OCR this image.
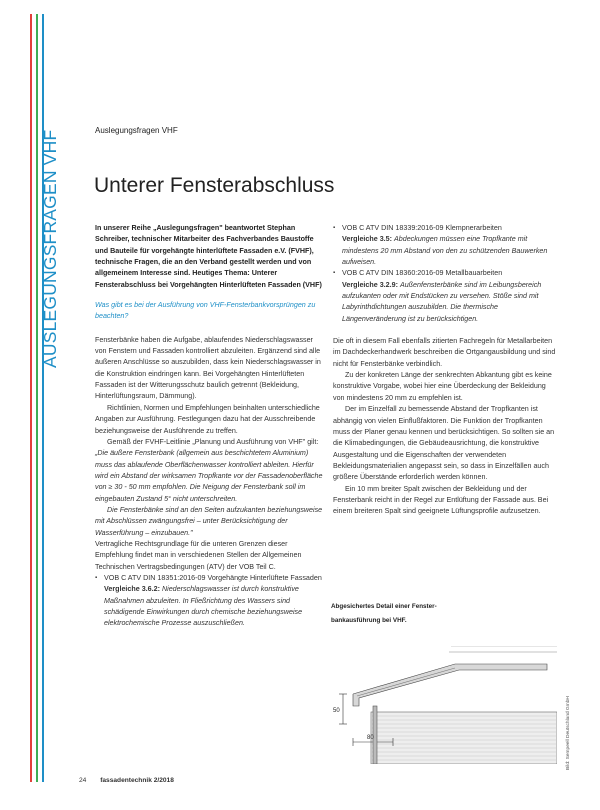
AUSLEGUNGSFRAGEN VHF	Auslegungsfragen VHF
Unterer Fensterabschluss

In unserer Reihe „Auslegungsfragen" beantwortet Stephan Schreiber, technischer Mitarbeiter des Fachverbandes Baustoffe und Bauteile für vorgehängte hinterlüftete Fassaden e.V. (FVHF), technische Fragen, die an den Verband gestellt werden und von allgemeinem Interesse sind. Heutiges Thema: Unterer Fensterabschluss bei Vorgehängten Hinterlüfteten Fassaden (VHF)

Was gibt es bei der Ausführung von VHF-Fensterbankvorsprüngen zu beachten?

Fensterbänke haben die Aufgabe, ablaufendes Niederschlagswasser von Fenstern und Fassaden kontrolliert abzuleiten. Ergänzend sind alle äußeren Anschlüsse so auszubilden, dass kein Niederschlagswasser in die Konstruktion eindringen kann. Bei Vorgehängten Hinterlüfteten Fassaden ist der Witterungsschutz baulich getrennt (Bekleidung, Hinterlüftungsraum, Dämmung).

Richtlinien, Normen und Empfehlungen beinhalten unterschiedliche Angaben zur Ausführung. Festlegungen dazu hat der Ausschreibende beziehungsweise der Ausführende zu treffen.

Gemäß der FVHF-Leitlinie „Planung und Ausführung von VHF" gilt:

„Die äußere Fensterbank (allgemein aus beschichtetem Aluminium) muss das ablaufende Oberflächenwasser kontrolliert ableiten. Hierfür wird ein Abstand der wirksamen Tropfkante vor der Fassadenoberfläche von ≥ 30 - 50 mm empfohlen. Die Neigung der Fensterbank soll im eingebauten Zustand 5° nicht unterschreiten.

Die Fensterbänke sind an den Seiten aufzukanten beziehungsweise mit Abschlüssen zwängungsfrei – unter Berücksichtigung der Wasserführung – einzubauen."

Vertragliche Rechtsgrundlage für die unteren Grenzen dieser Empfehlung findet man in verschiedenen Stellen der Allgemeinen Technischen Vertragsbedingungen (ATV) der VOB Teil C.

▪ VOB C ATV DIN 18351:2016-09 Vorgehängte Hinterlüftete Fassaden

Vergleiche 3.6.2: Niederschlagswasser ist durch konstruktive Maßnahmen abzuleiten. In Fließrichtung des Wassers sind schädigende Einwirkungen durch chemische beziehungsweise elektrochemische Prozesse auszuschließen.

▪ VOB C ATV DIN 18339:2016-09 Klempnerarbeiten

Vergleiche 3.5: Abdeckungen müssen eine Tropfkante mit mindestens 20 mm Abstand von den zu schützenden Bauwerken aufweisen.

▪ VOB C ATV DIN 18360:2016-09 Metallbauarbeiten

Vergleiche 3.2.9: Außenfensterbänke sind im Leibungsbereich aufzukanten oder mit Endstücken zu versehen. Stöße sind mit Labyrinthdichtungen auszubilden. Die thermische Längenveränderung ist zu berücksichtigen.

Die oft in diesem Fall ebenfalls zitierten Fachregeln für Metallarbeiten im Dachdeckerhandwerk beschreiben die Ortgangausbildung und sind nicht für Fensterbänke verbindlich.

Zu der konkreten Länge der senkrechten Abkantung gibt es keine konstruktive Vorgabe, wobei hier eine Überdeckung der Bekleidung von mindestens 20 mm zu empfehlen ist.

Der im Einzelfall zu bemessende Abstand der Tropfkanten ist abhängig von vielen Einflußfaktoren. Die Funktion der Tropfkanten muss der Planer genau kennen und berücksichtigen. So sollten sie an die Klimabedingungen, die Gebäudeausrichtung, die konstruktive Ausgestaltung und die Eigenschaften der verwendeten Bekleidungsmaterialien angepasst sein, so dass in Einzelfällen auch größere Überstände erforderlich werden können.

Ein 10 mm breiter Spalt zwischen der Bekleidung und der Fensterbank reicht in der Regel zur Entlüftung der Fassade aus. Bei einem breiteren Spalt sind geeignete Lüftungsprofile aufzusetzen.

Abgesichertes Detail einer Fenster-
bankausführung bei VHF.
50
80	Bild: Sempeell Deutschland GmbH
24 fassadentechnik 2/2018
